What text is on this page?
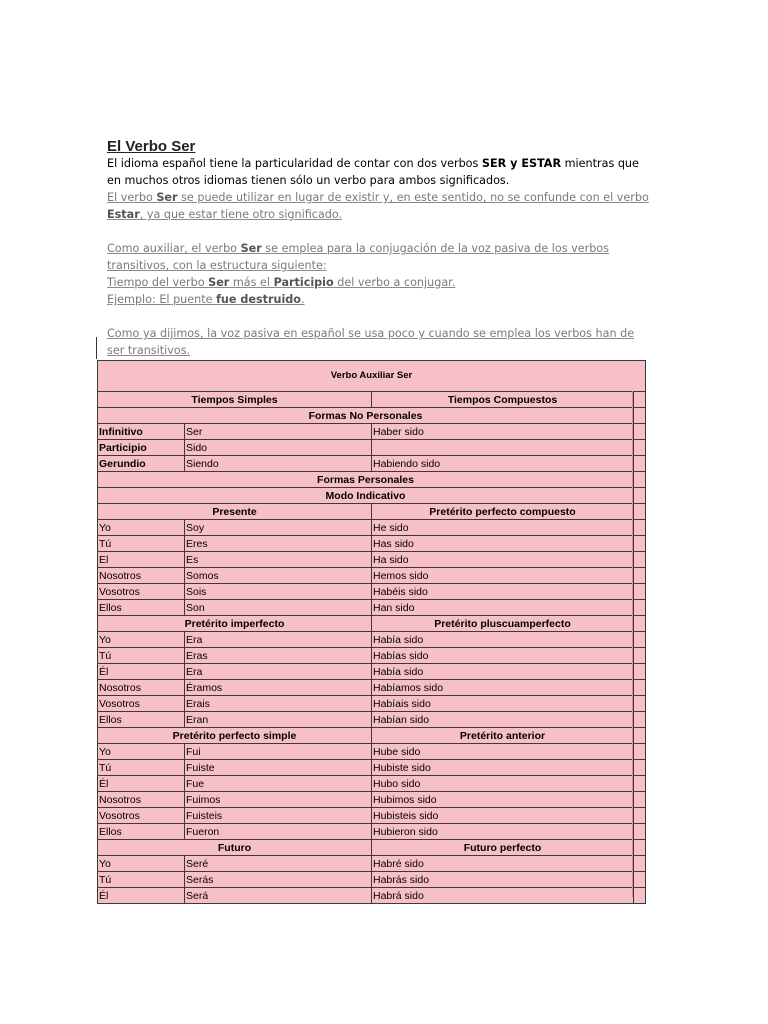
El Verbo Ser

El idioma español tiene la particularidad de contar con dos verbos SER y ESTAR mientras que en muchos otros idiomas tienen sólo un verbo para ambos significados.

El verbo Ser se puede utilizar en lugar de existir y, en este sentido, no se confunde con el verbo Estar, ya que estar tiene otro significado.

Como auxiliar, el verbo Ser se emplea para la conjugación de la voz pasiva de los verbos transitivos, con la estructura siguiente:

Tiempo del verbo Ser más el Participio del verbo a conjugar.

Ejemplo: El puente fue destruido.

Como ya dijimos, la voz pasiva en español se usa poco y cuando se emplea los verbos han de ser transitivos.

Verbo Auxiliar Ser			
Tiempos Simples		Tiempos Compuestos	
Formas No Personales			
Infinitivo	Ser	Haber sido	
Participio	Sido		
Gerundio	Siendo	Habiendo sido	
Formas Personales			
Modo Indicativo			
Presente		Pretérito perfecto compuesto	
Yo	Soy	He sido	
Tú	Eres	Has sido	
El	Es	Ha sido	
Nosotros	Somos	Hemos sido	
Vosotros	Sois	Habéis sido	
Ellos	Son	Han sido	
Pretérito imperfecto		Pretérito pluscuamperfecto	
Yo	Era	Había sido	
Tú	Eras	Habías sido	
Él	Era	Había sido	
Nosotros	Éramos	Habíamos sido	
Vosotros	Erais	Habíais sido	
Ellos	Eran	Habían sido	
Pretérito perfecto simple		Pretérito anterior	
Yo	Fui	Hube sido	
Tú	Fuiste	Hubiste sido	
Él	Fue	Hubo sido	
Nosotros	Fuimos	Hubimos sido	
Vosotros	Fuisteis	Hubisteis sido	
Ellos	Fueron	Hubieron sido	
Futuro		Futuro perfecto	
Yo	Seré	Habré sido	
Tú	Serás	Habrás sido	
Él	Será	Habrá sido	
